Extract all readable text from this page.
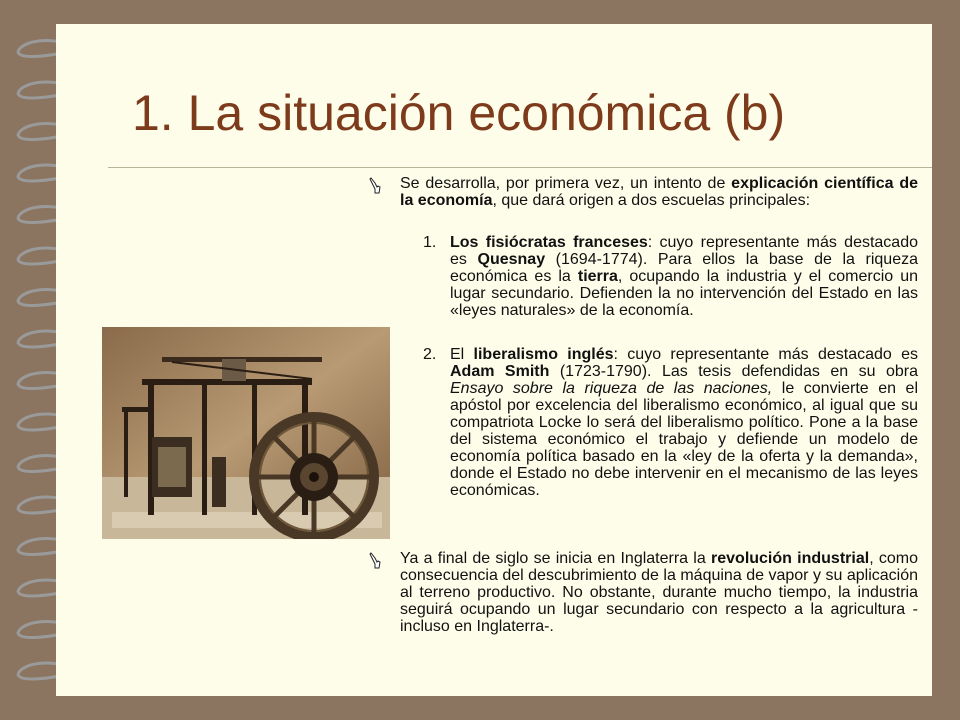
1. La situación económica (b)

Se desarrolla, por primera vez, un intento de explicación científica de la economía, que dará origen a dos escuelas principales:

1. Los fisiócratas franceses: cuyo representante más destacado es Quesnay (1694-1774). Para ellos la base de la riqueza económica es la tierra, ocupando la industria y el comercio un lugar secundario. Defienden la no intervención del Estado en las «leyes naturales» de la economía.

2. El liberalismo inglés: cuyo representante más destacado es Adam Smith (1723-1790). Las tesis defendidas en su obra Ensayo sobre la riqueza de las naciones, le convierte en el apóstol por excelencia del liberalismo económico, al igual que su compatriota Locke lo será del liberalismo político. Pone a la base del sistema económico el trabajo y defiende un modelo de economía política basado en la «ley de la oferta y la demanda», donde el Estado no debe intervenir en el mecanismo de las leyes económicas.

Ya a final de siglo se inicia en Inglaterra la revolución industrial, como consecuencia del descubrimiento de la máquina de vapor y su aplicación al terreno productivo. No obstante, durante mucho tiempo, la industria seguirá ocupando un lugar secundario con respecto a la agricultura -incluso en Inglaterra-.
